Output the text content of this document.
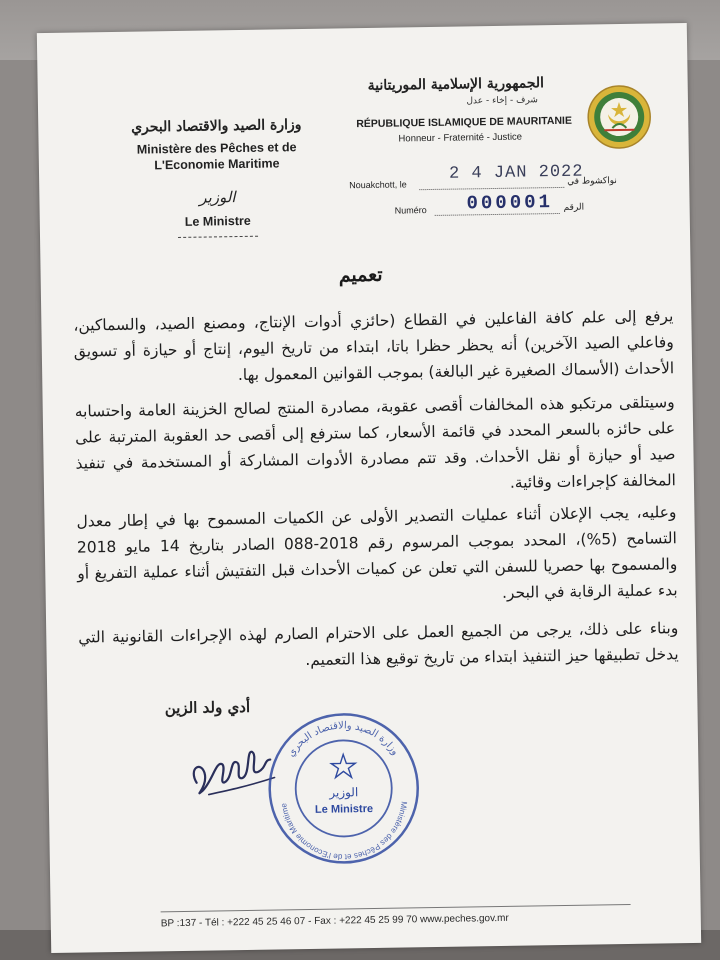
الجمهورية الإسلامية الموريتانية
شرف - إخاء - عدل
RÉPUBLIQUE ISLAMIQUE DE MAURITANIE
Honneur - Fraternité - Justice
Nouakchott, le
2 4 JAN 2022
نواكشوط في
Numéro 000001 الرقم
وزارة الصيد والاقتصاد البحري
Ministère des Pêches et de
L'Economie Maritime
الوزير
Le Ministre
تعميم
يرفع إلى علم كافة الفاعلين في القطاع (حائزي أدوات الإنتاج، ومصنع الصيد، والسماكين، وفاعلي الصيد الآخرين) أنه يحظر حظرا باتا، ابتداء من تاريخ اليوم، إنتاج أو حيازة أو تسويق الأحداث (الأسماك الصغيرة غير البالغة) بموجب القوانين المعمول بها.
وسيتلقى مرتكبو هذه المخالفات أقصى عقوبة، مصادرة المنتج لصالح الخزينة العامة واحتسابه على حائزه بالسعر المحدد في قائمة الأسعار، كما سترفع إلى أقصى حد العقوبة المترتبة على صيد أو حيازة أو نقل الأحداث. وقد تتم مصادرة الأدوات المشاركة أو المستخدمة في تنفيذ المخالفة كإجراءات وقائية.
وعليه، يجب الإعلان أثناء عمليات التصدير الأولى عن الكميات المسموح بها في إطار معدل التسامح (5%)، المحدد بموجب المرسوم رقم 2018-088 الصادر بتاريخ 14 مايو 2018 والمسموح بها حصريا للسفن التي تعلن عن كميات الأحداث قبل التفتيش أثناء عملية التفريغ أو بدء عملية الرقابة في البحر.
وبناء على ذلك، يرجى من الجميع العمل على الاحترام الصارم لهذه الإجراءات القانونية التي يدخل تطبيقها حيز التنفيذ ابتداء من تاريخ توقيع هذا التعميم.
أدي ولد الزين
وزارة الصيد والاقتصاد البحري
Ministère des Pêches et de l'Economie Maritime
الوزير
Le Ministre
BP :137 - Tél : +222 45 25 46 07 - Fax : +222 45 25 99 70 www.peches.gov.mr
